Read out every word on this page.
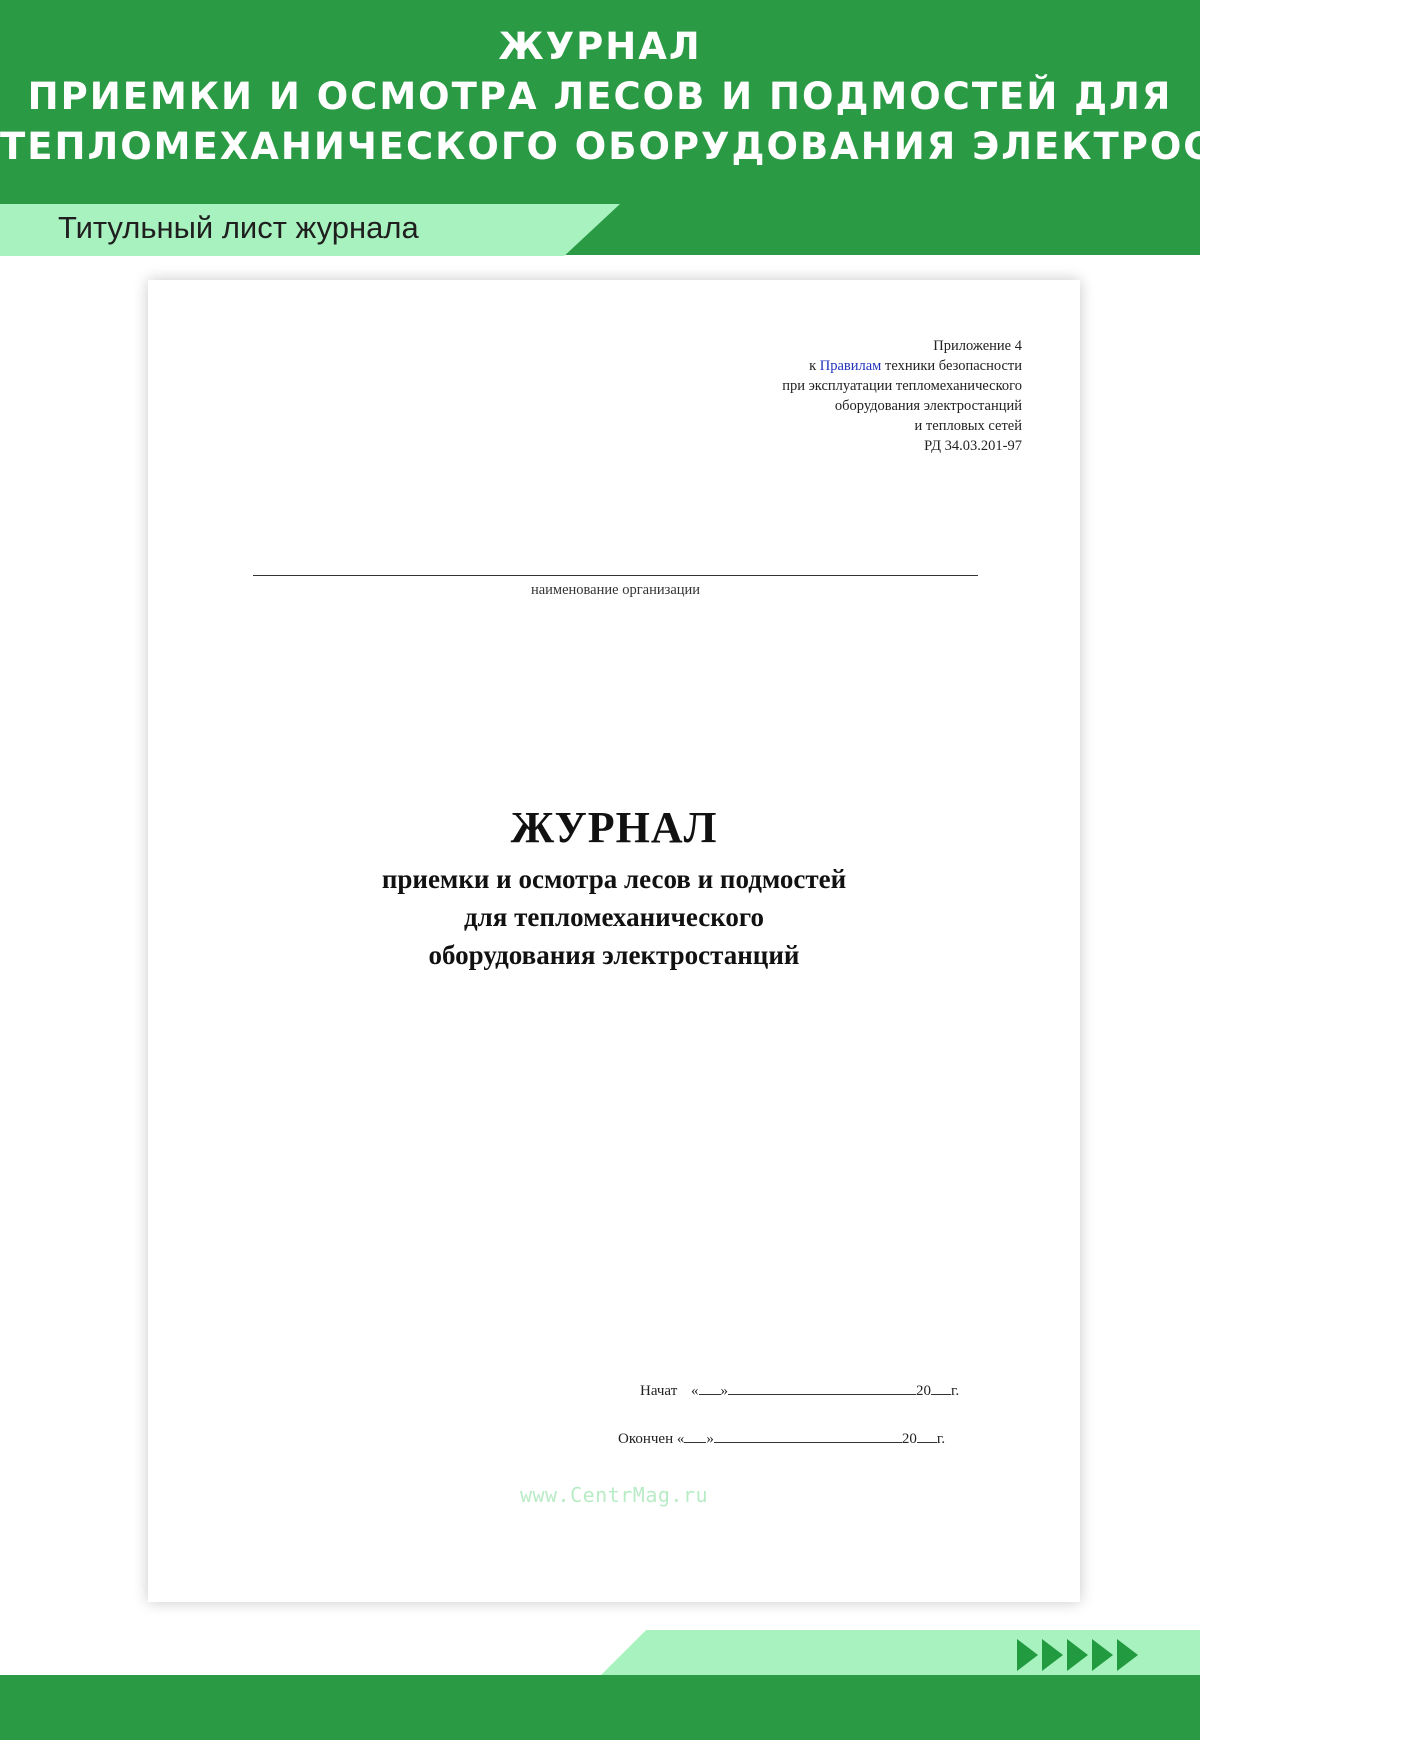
ЖУРНАЛ
ПРИЕМКИ И ОСМОТРА ЛЕСОВ И ПОДМОСТЕЙ ДЛЯ
ТЕПЛОМЕХАНИЧЕСКОГО ОБОРУДОВАНИЯ ЭЛЕКТРОСТАНЦИЙ
Титульный лист журнала
Приложение 4
к Правилам техники безопасности
при эксплуатации тепломеханического
оборудования электростанций
и тепловых сетей
РД 34.03.201-97
наименование организации
ЖУРНАЛ
приемки и осмотра лесов и подмостей
для тепломеханического
оборудования электростанций
Начат « »	20 г.
Окончен « »	20 г.
www.CentrMag.ru
